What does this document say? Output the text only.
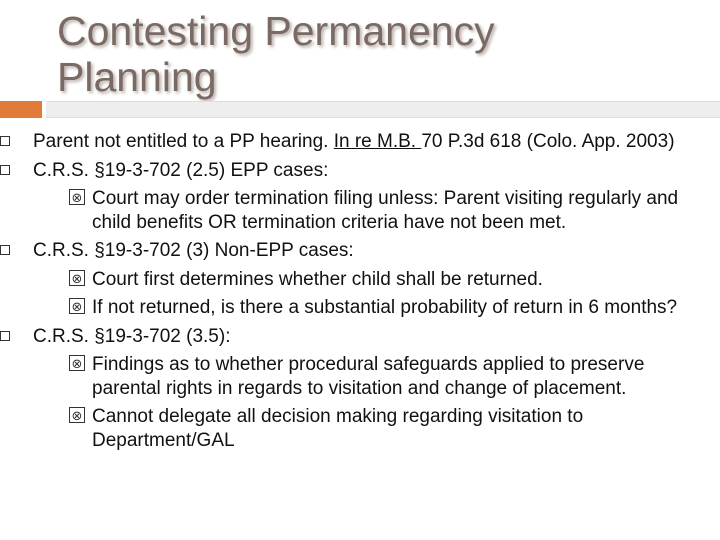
Contesting Permanency
Planning
Parent not entitled to a PP hearing. In re M.B. 70 P.3d 618 (Colo. App. 2003)
C.R.S. §19-3-702 (2.5) EPP cases:
⊗ Court may order termination filing unless: Parent visiting regularly and child benefits OR termination criteria have not been met.
C.R.S. §19-3-702 (3) Non-EPP cases:
⊗ Court first determines whether child shall be returned.
⊗ If not returned, is there a substantial probability of return in 6 months?
C.R.S. §19-3-702 (3.5):
⊗ Findings as to whether procedural safeguards applied to preserve parental rights in regards to visitation and change of placement.
⊗ Cannot delegate all decision making regarding visitation to Department/GAL
